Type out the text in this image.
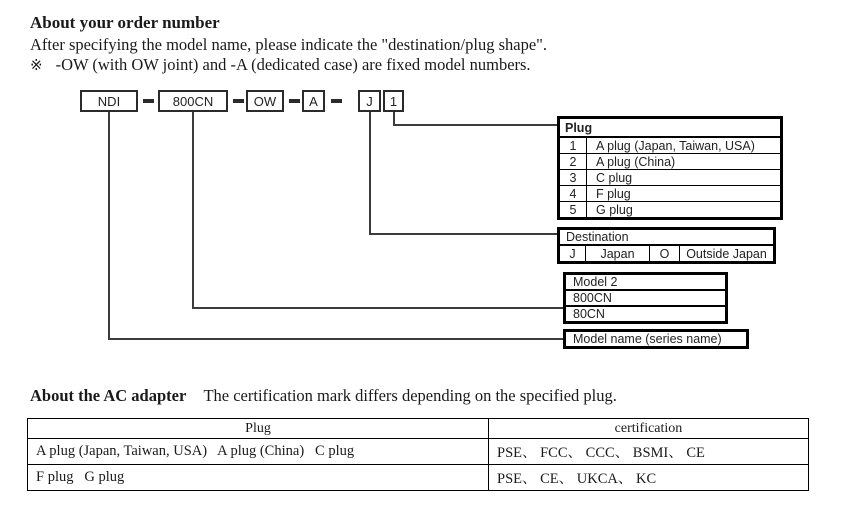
About your order number
After specifying the model name, please indicate the "destination/plug shape".
※ -OW (with OW joint) and -A (dedicated case) are fixed model numbers.
NDI	800CN	OW	A	J	1
Plug
1	A plug (Japan, Taiwan, USA)
2	A plug (China)
3	C plug
4	F plug
5	G plug
Destination
J	Japan	O	Outside Japan
Model 2
800CN
80CN
Model name (series name)
About the AC adapter The certification mark differs depending on the specified plug.
Plug	certification
A plug (Japan, Taiwan, USA)   A plug (China)   C plug	PSE、 FCC、 CCC、 BSMI、 CE
F plug   G plug	PSE、 CE、 UKCA、 KC
